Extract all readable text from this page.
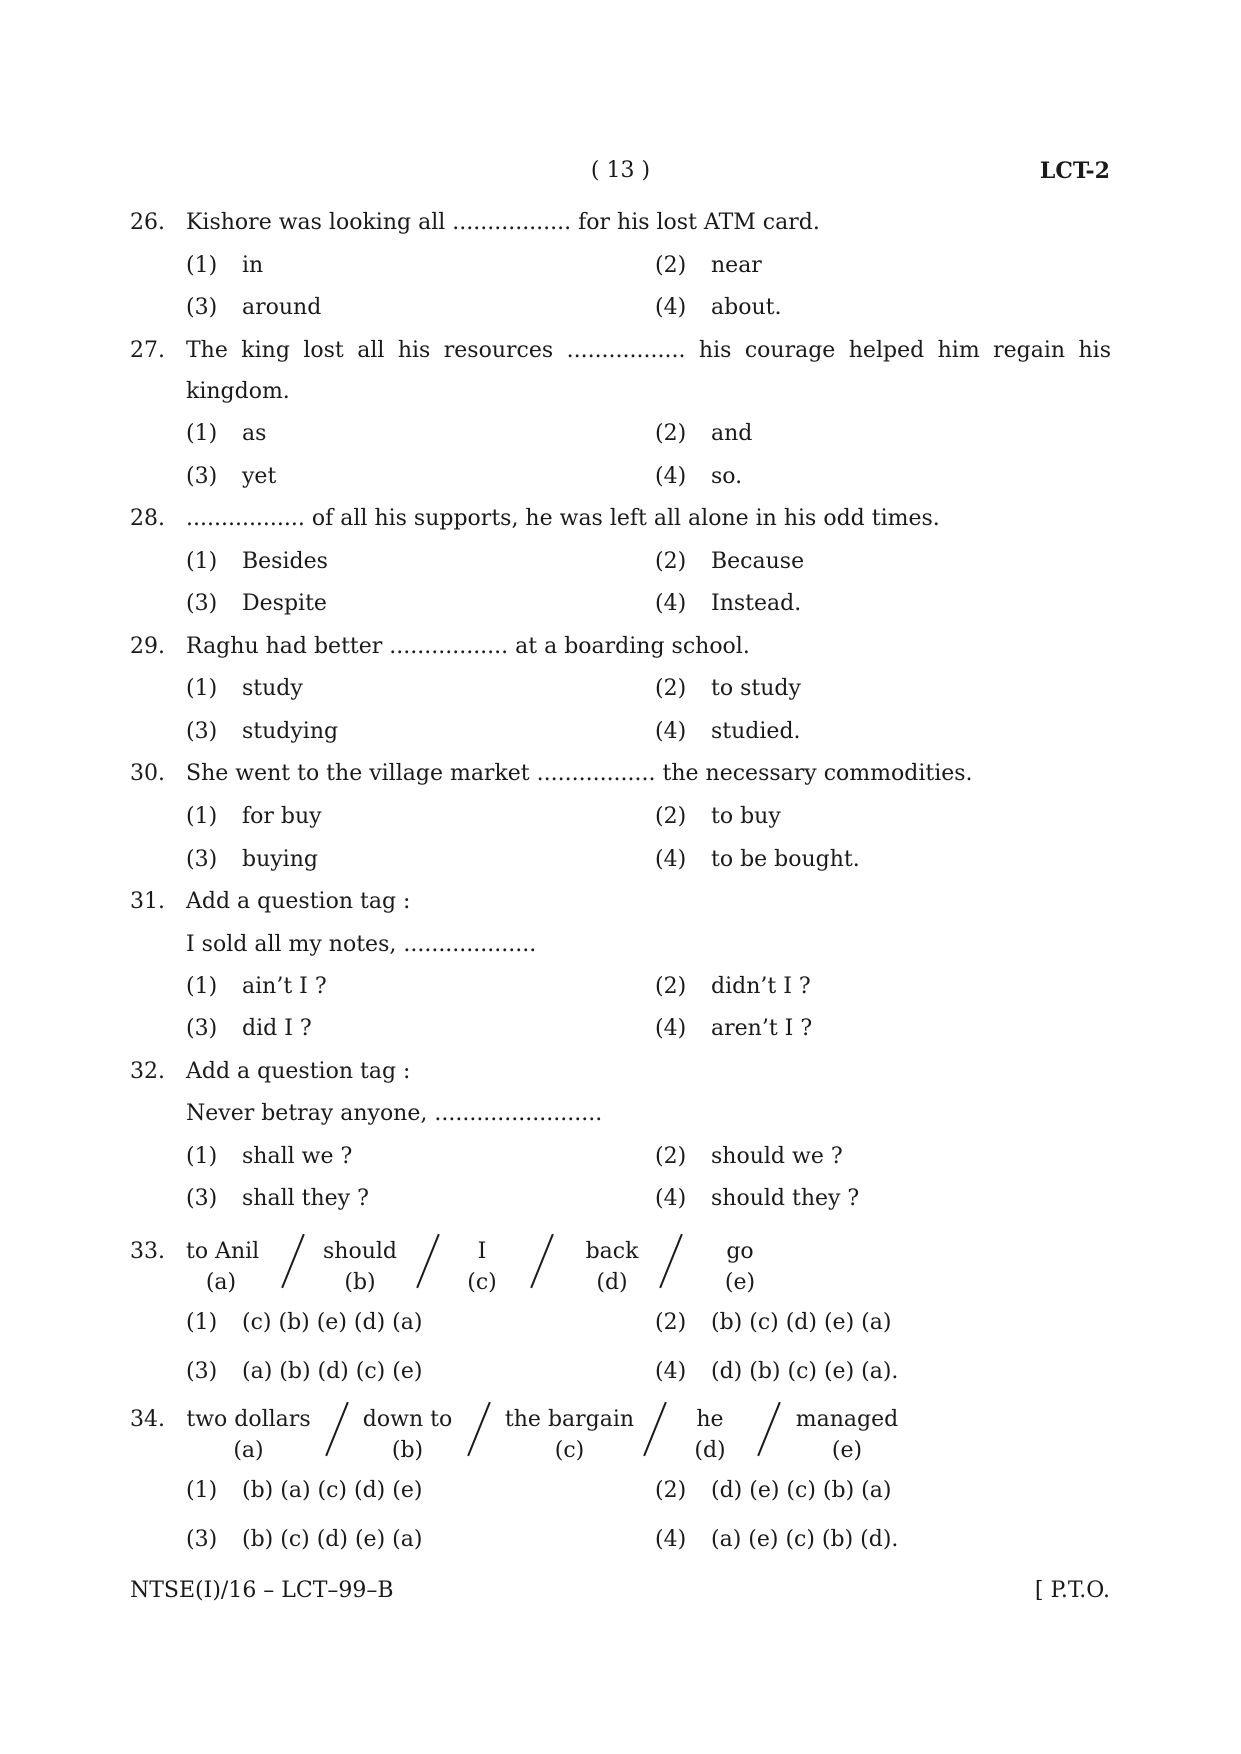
( 13 )	LCT-2
26. Kishore was looking all ................. for his lost ATM card.
(1) in	(2) near
(3) around	(4) about.
27. The king lost all his resources ................. his courage helped him regain his
kingdom.
(1) as	(2) and
(3) yet	(4) so.
28. ................. of all his supports, he was left all alone in his odd times.
(1) Besides	(2) Because
(3) Despite	(4) Instead.
29. Raghu had better ................. at a boarding school.
(1) study	(2) to study
(3) studying	(4) studied.
30. She went to the village market ................. the necessary commodities.
(1) for buy	(2) to buy
(3) buying	(4) to be bought.
31. Add a question tag :
I sold all my notes, ...................
(1) ain’t I ?	(2) didn’t I ?
(3) did I ?	(4) aren’t I ?
32. Add a question tag :
Never betray anyone, ........................
(1) shall we ?	(2) should we ?
(3) shall they ?	(4) should they ?
33. to Anil
(a)
should
(b)
I
(c)
back
(d)
go
(e)
(1) (c) (b) (e) (d) (a)	(2) (b) (c) (d) (e) (a)
(3) (a) (b) (d) (c) (e)	(4) (d) (b) (c) (e) (a).
34. two dollars
(a)
down to
(b)
the bargain
(c)
he
(d)
managed
(e)
(1) (b) (a) (c) (d) (e)	(2) (d) (e) (c) (b) (a)
(3) (b) (c) (d) (e) (a)	(4) (a) (e) (c) (b) (d).
NTSE(I)/16 – LCT–99–B	[ P.T.O.
